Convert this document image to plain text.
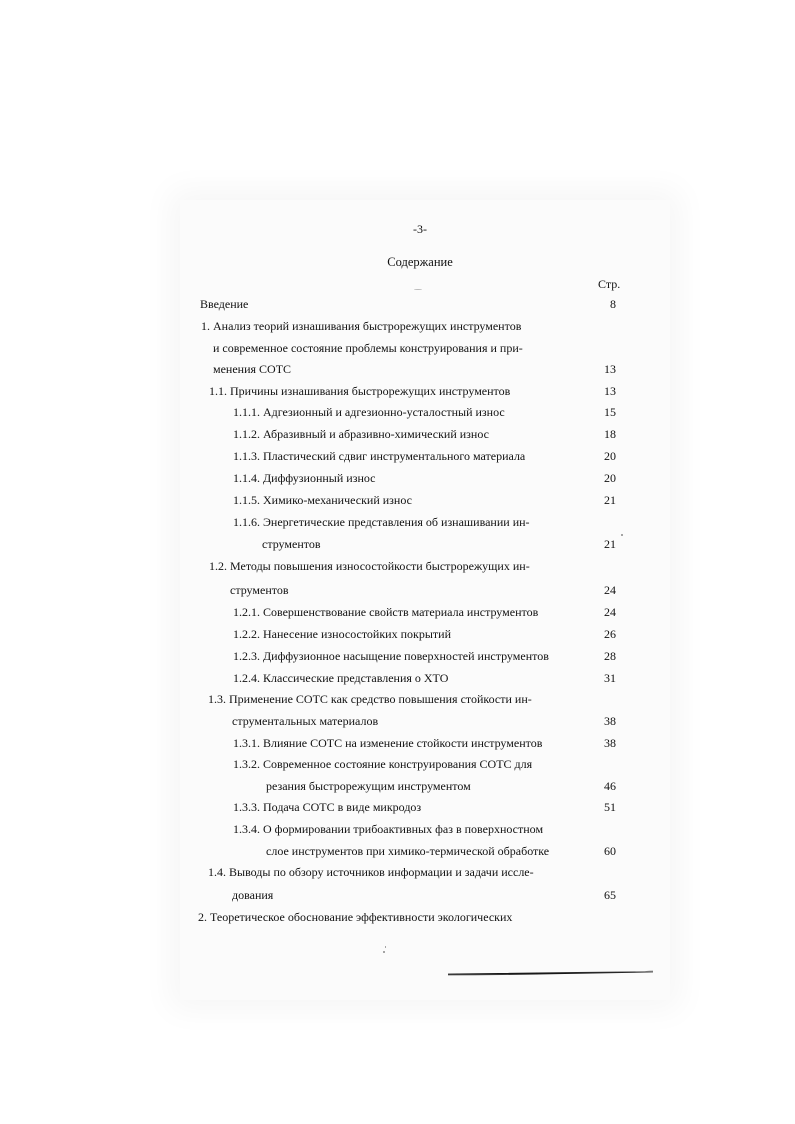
-3-
Содержание
Стр.
Введение	8
1. Анализ теорий изнашивания быстрорежущих инструментов
и современное состояние проблемы конструирования и при-
менения СОТС	13
1.1. Причины изнашивания быстрорежущих инструментов	13
1.1.1. Адгезионный и адгезионно-усталостный износ	15
1.1.2. Абразивный и абразивно-химический износ	18
1.1.3. Пластический сдвиг инструментального материала	20
1.1.4. Диффузионный износ	20
1.1.5. Химико-механический износ	21
1.1.6. Энергетические представления об изнашивании ин-
струментов	21
1.2. Методы повышения износостойкости быстрорежущих ин-
струментов	24
1.2.1. Совершенствование свойств материала инструментов	24
1.2.2. Нанесение износостойких покрытий	26
1.2.3. Диффузионное насыщение поверхностей инструментов	28
1.2.4. Классические представления о ХТО	31
1.3. Применение СОТС как средство повышения стойкости ин-
струментальных материалов	38
1.3.1. Влияние СОТС на изменение стойкости инструментов	38
1.3.2. Современное состояние конструирования СОТС для
резания быстрорежущим инструментом	46
1.3.3. Подача СОТС в виде микродоз	51
1.3.4. О формировании трибоактивных фаз в поверхностном
слое инструментов при химико-термической обработке	60
1.4. Выводы по обзору источников информации и задачи иссле-
дования	65
2. Теоретическое обоснование эффективности экологических
